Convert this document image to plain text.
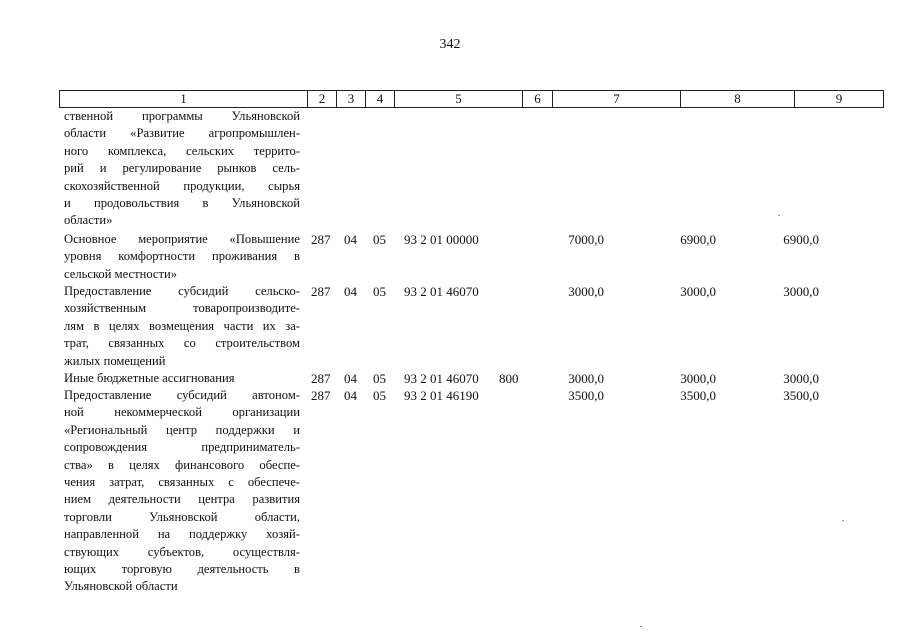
342
1	2	3	4	5	6	7	8	9
ственной программы Ульяновской
области «Развитие агропромышлен-
ного комплекса, сельских террито-
рий и регулирование рынков сель-
скохозяйственной продукции, сырья
и продовольствия в Ульяновской
области»
Основное мероприятие «Повышение
уровня комфортности проживания в
сельской местности»
287 04 05 93 2 01 00000	7000,0	6900,0	6900,0
Предоставление субсидий сельско-
хозяйственным товаропроизводите-
лям в целях возмещения части их за-
трат, связанных со строительством
жилых помещений
287 04 05 93 2 01 46070	3000,0	3000,0	3000,0
Иные бюджетные ассигнования	287 04 05 93 2 01 46070 800	3000,0	3000,0	3000,0
Предоставление субсидий автоном-
ной некоммерческой организации
«Региональный центр поддержки и
сопровождения предприниматель-
ства» в целях финансового обеспе-
чения затрат, связанных с обеспече-
нием деятельности центра развития
торговли Ульяновской области,
направленной на поддержку хозяй-
ствующих субъектов, осуществля-
ющих торговую деятельность в
Ульяновской области
287 04 05 93 2 01 46190	3500,0	3500,0	3500,0
